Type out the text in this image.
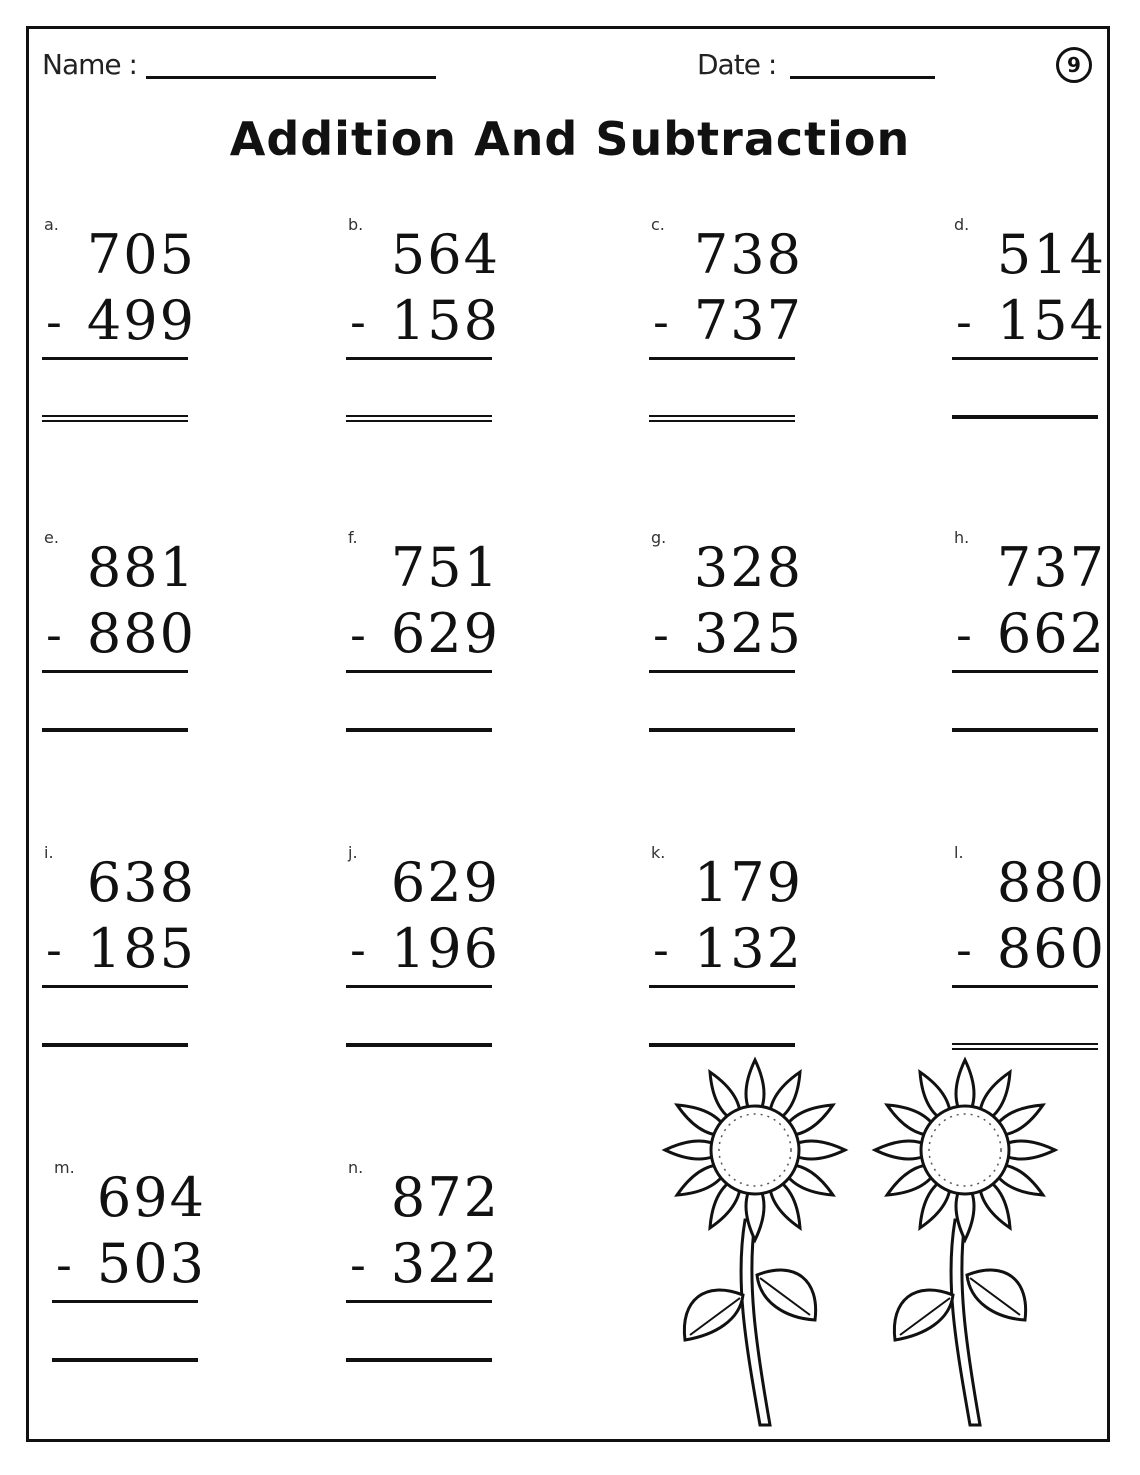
Name :	Date :	9
Addition And Subtraction
a. 705
- 499
b. 564
- 158
c. 738
- 737
d. 514
- 154
e. 881
- 880
f. 751
- 629
g. 328
- 325
h. 737
- 662
i. 638
- 185
j. 629
- 196
k. 179
- 132
l. 880
- 860
m. 694
- 503
n. 872
- 322
